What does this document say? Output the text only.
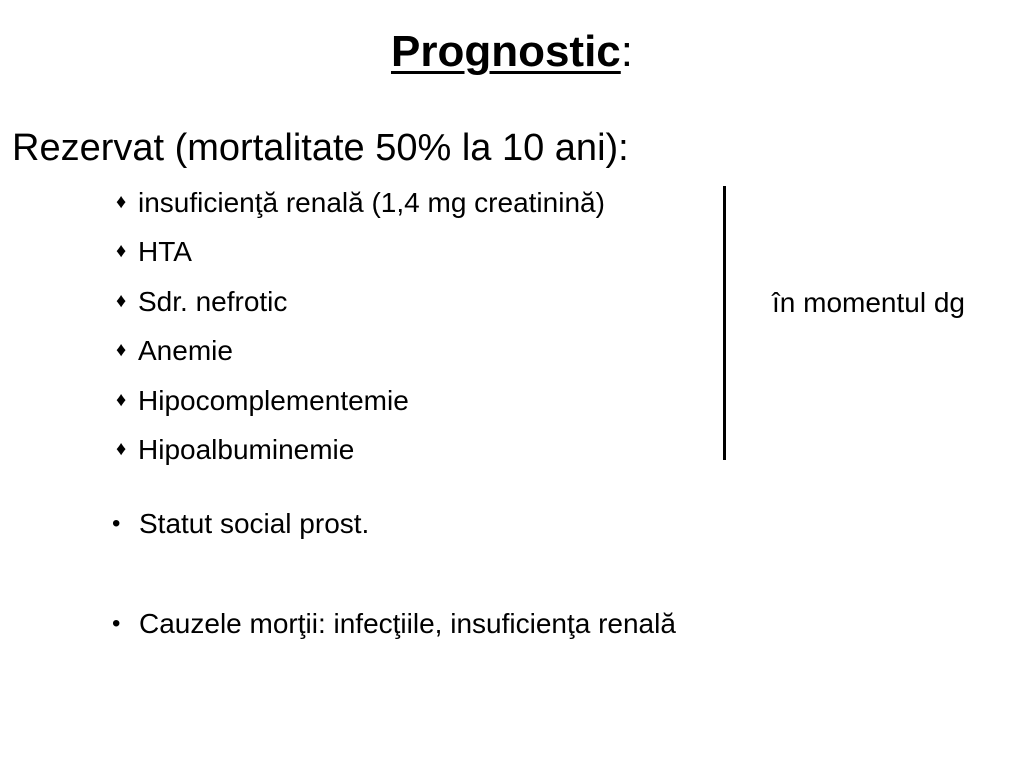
Prognostic:
Rezervat (mortalitate 50% la 10 ani):
♦ insuficienţă renală (1,4 mg creatinină)
♦ HTA
♦ Sdr. nefrotic
♦ Anemie
♦ Hipocomplementemie
♦ Hipoalbuminemie
în momentul dg
• Statut social prost.
• Cauzele morţii: infecţiile, insuficienţa renală
